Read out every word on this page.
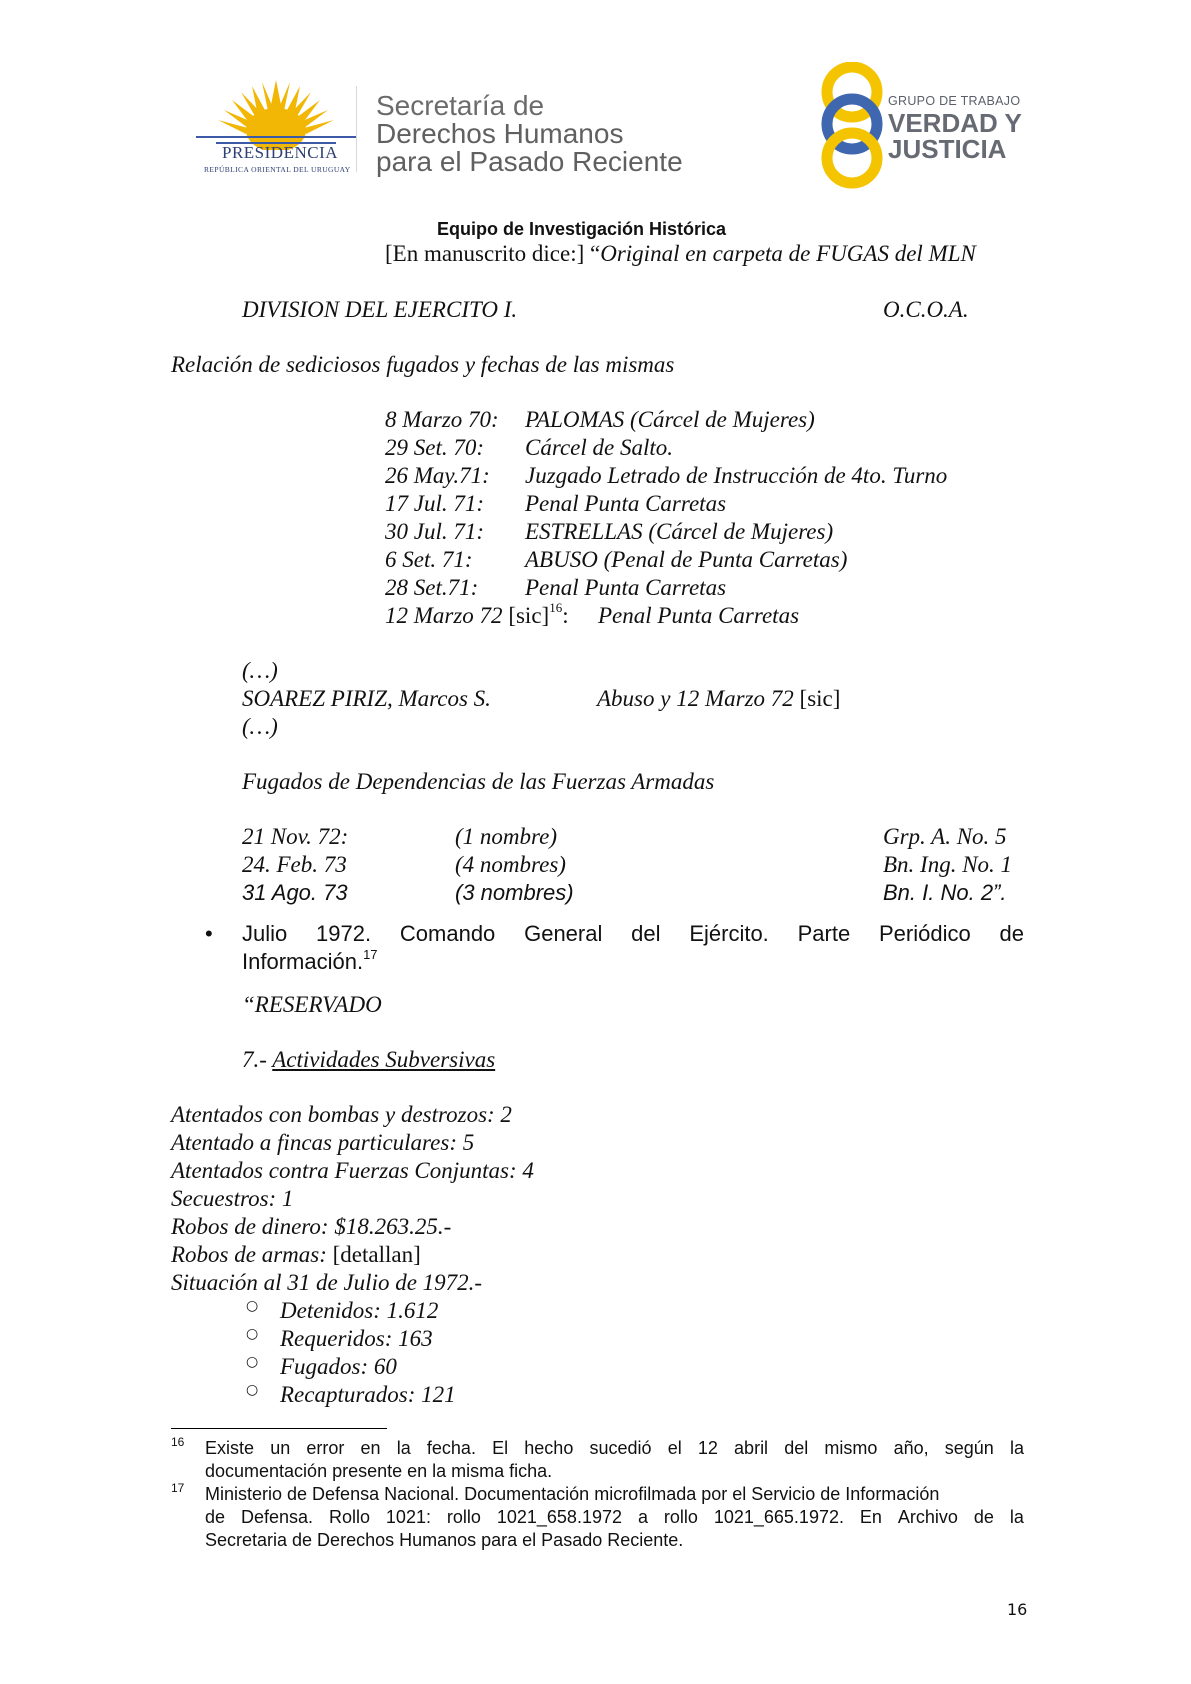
PRESIDENCIA
REPÚBLICA ORIENTAL DEL URUGUAY
Secretaría de
Derechos Humanos
para el Pasado Reciente
GRUPO DE TRABAJO
VERDAD Y
JUSTICIA
Equipo de Investigación Histórica
[En manuscrito dice:] “Original en carpeta de FUGAS del MLN
DIVISION DEL EJERCITO I.	O.C.O.A.
Relación de sediciosos fugados y fechas de las mismas
8 Marzo 70: PALOMAS (Cárcel de Mujeres)
29 Set. 70: Cárcel de Salto.
26 May.71: Juzgado Letrado de Instrucción de 4to. Turno
17 Jul. 71: Penal Punta Carretas
30 Jul. 71: ESTRELLAS (Cárcel de Mujeres)
6 Set. 71: ABUSO (Penal de Punta Carretas)
28 Set.71: Penal Punta Carretas
12 Marzo 72 [sic]$^{16}$: Penal Punta Carretas
(…)
SOAREZ PIRIZ, Marcos S.	Abuso y 12 Marzo 72 [sic]
(…)
Fugados de Dependencias de las Fuerzas Armadas
21 Nov. 72:	(1 nombre)	Grp. A. No. 5
24. Feb. 73	(4 nombres)	Bn. Ing. No. 1
31 Ago. 73	(3 nombres)	Bn. I. No. 2”.
• Julio 1972. Comando General del Ejército. Parte Periódico de
Información.$^{17}$
“RESERVADO
7.- Actividades Subversivas
Atentados con bombas y destrozos: 2
Atentado a fincas particulares: 5
Atentados contra Fuerzas Conjuntas: 4
Secuestros: 1
Robos de dinero: $18.263.25.-
Robos de armas: [detallan]
Situación al 31 de Julio de 1972.-
○ Detenidos: 1.612
○ Requeridos: 163
○ Fugados: 60
○ Recapturados: 121
16 Existe un error en la fecha. El hecho sucedió el 12 abril del mismo año, según la
documentación presente en la misma ficha.
17 Ministerio de Defensa Nacional. Documentación microfilmada por el Servicio de Información
de Defensa. Rollo 1021: rollo 1021_658.1972 a rollo 1021_665.1972. En Archivo de la
Secretaria de Derechos Humanos para el Pasado Reciente.
16
